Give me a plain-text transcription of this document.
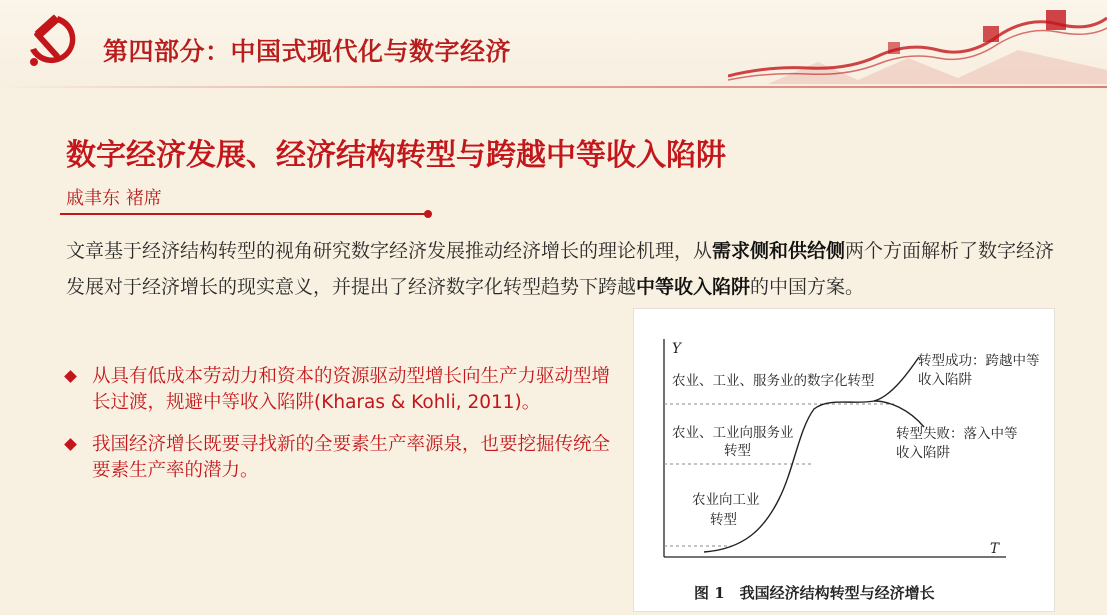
第四部分：中国式现代化与数字经济
数字经济发展、经济结构转型与跨越中等收入陷阱
戚聿东 褚席
文章基于经济结构转型的视角研究数字经济发展推动经济增长的理论机理，从需求侧和供给侧两个方面解析了数字经济发展对于经济增长的现实意义，并提出了经济数字化转型趋势下跨越中等收入陷阱的中国方案。
从具有低成本劳动力和资本的资源驱动型增长向生产力驱动型增长过渡，规避中等收入陷阱(Kharas & Kohli, 2011)。
我国经济增长既要寻找新的全要素生产率源泉，也要挖掘传统全要素生产率的潜力。
Y
T
农业、工业、服务业的数字化转型
农业、工业向服务业
转型
农业向工业
转型
转型成功：跨越中等
收入陷阱
转型失败：落入中等
收入陷阱
图 1　我国经济结构转型与经济增长
